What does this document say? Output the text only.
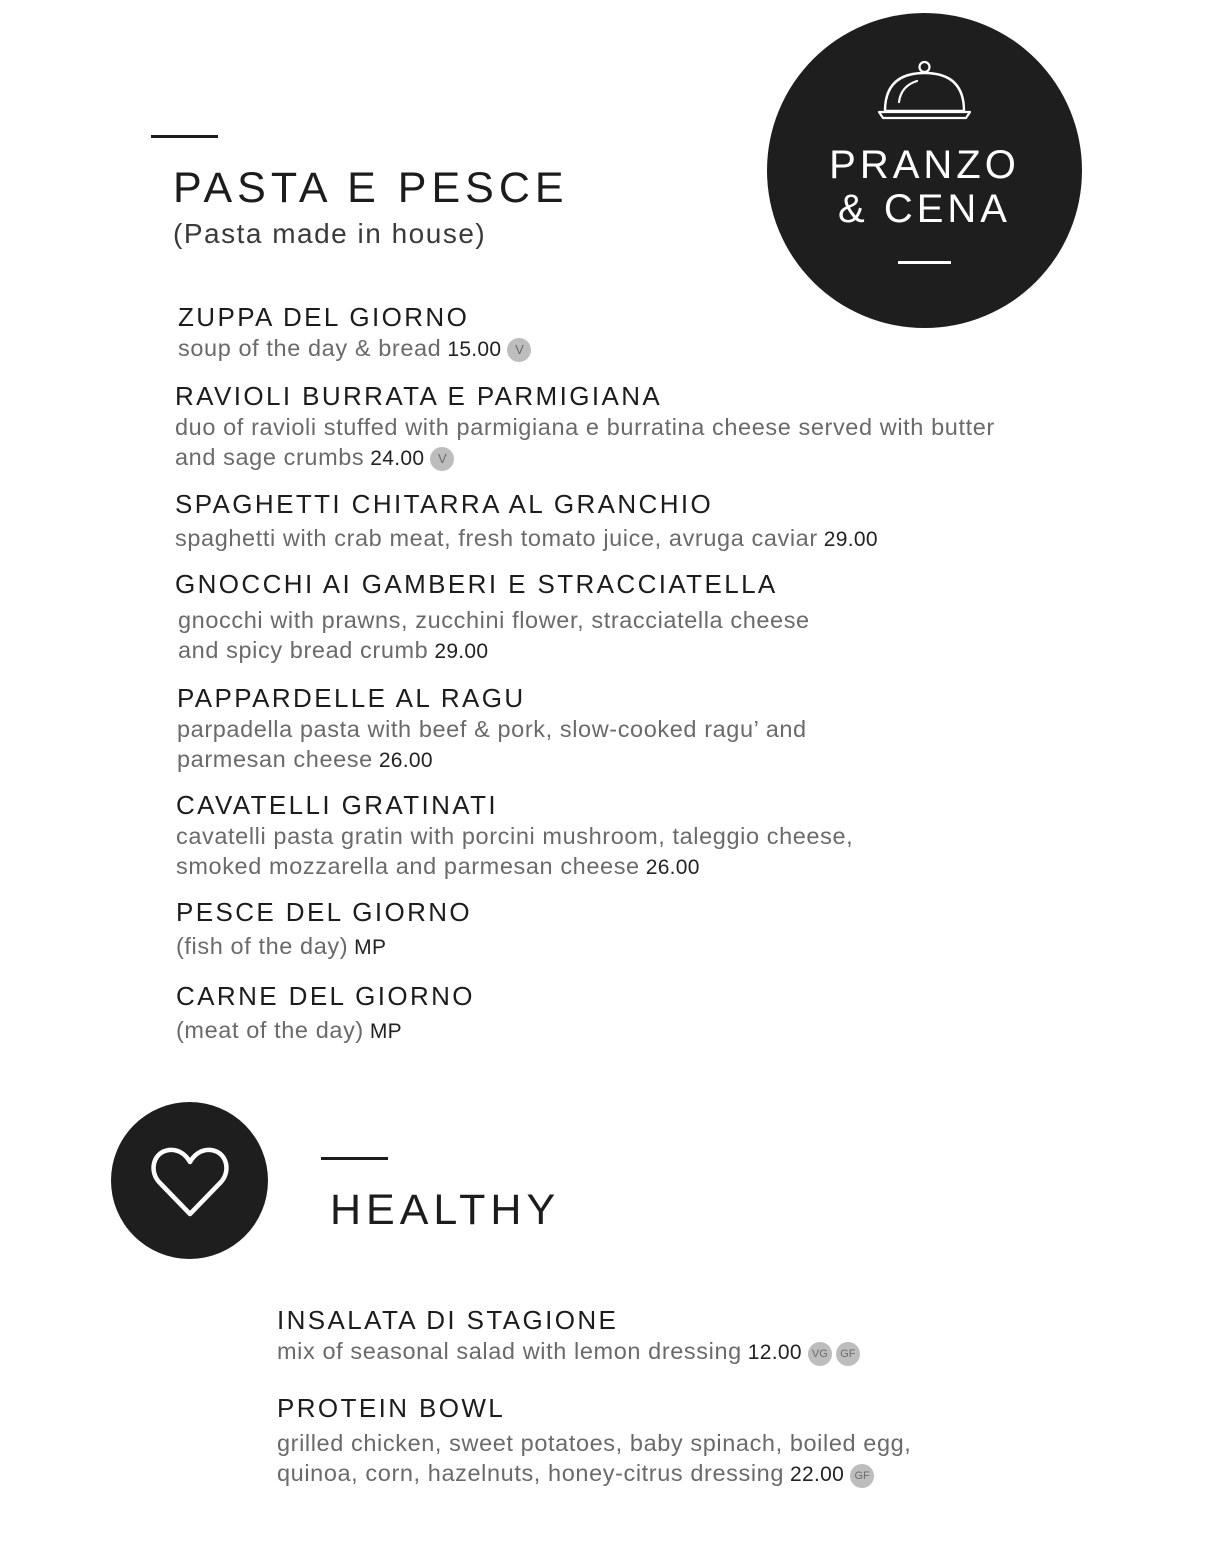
PASTA E PESCE
(Pasta made in house)
PRANZO
& CENA
ZUPPA DEL GIORNO
soup of the day & bread 15.00 V
RAVIOLI BURRATA E PARMIGIANA
duo of ravioli stuffed with parmigiana e burratina cheese served with butter
and sage crumbs 24.00 V
SPAGHETTI CHITARRA AL GRANCHIO
spaghetti with crab meat, fresh tomato juice, avruga caviar 29.00
GNOCCHI AI GAMBERI E STRACCIATELLA
gnocchi with prawns, zucchini flower, stracciatella cheese
and spicy bread crumb 29.00
PAPPARDELLE AL RAGU
parpadella pasta with beef & pork, slow-cooked ragu’ and
parmesan cheese 26.00
CAVATELLI GRATINATI
cavatelli pasta gratin with porcini mushroom, taleggio cheese,
smoked mozzarella and parmesan cheese 26.00
PESCE DEL GIORNO
(fish of the day) MP
CARNE DEL GIORNO
(meat of the day) MP
HEALTHY
INSALATA DI STAGIONE
mix of seasonal salad with lemon dressing 12.00 VG GF
PROTEIN BOWL
grilled chicken, sweet potatoes, baby spinach, boiled egg,
quinoa, corn, hazelnuts, honey-citrus dressing 22.00 GF
